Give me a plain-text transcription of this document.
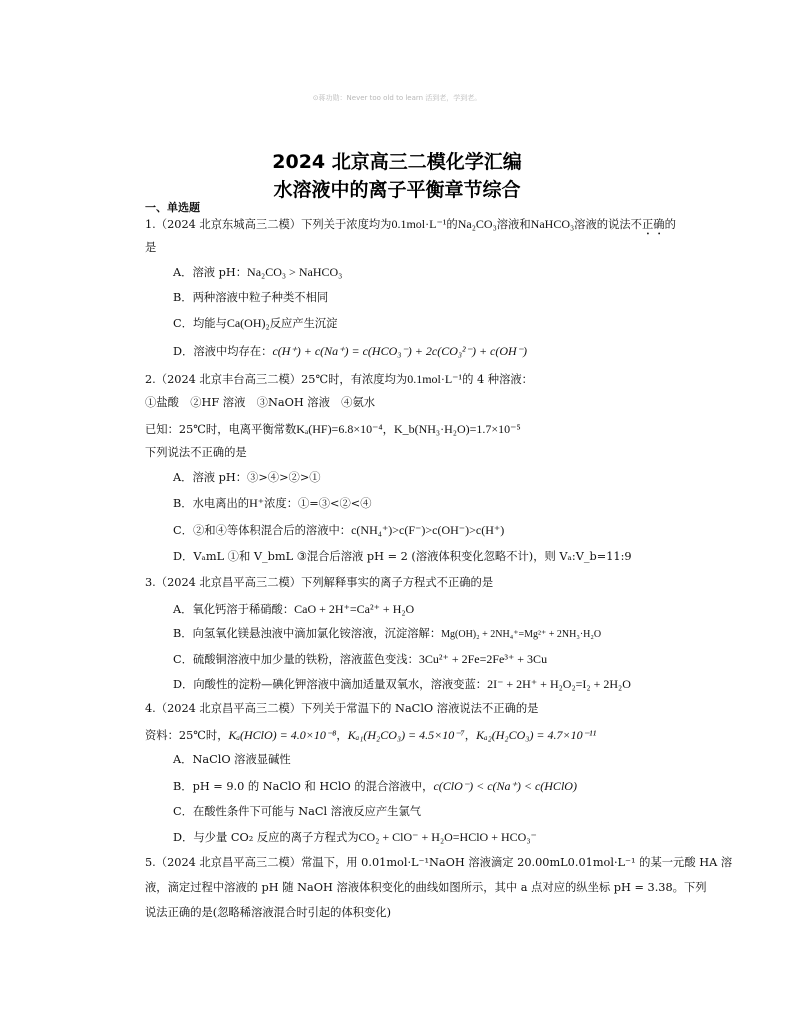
⊙蒋功勋：Never too old to learn 活到老，学到老。
2024 北京高三二模化学汇编
水溶液中的离子平衡章节综合
一、单选题
1.（2024 北京东城高三二模）下列关于浓度均为0.1mol·L⁻¹的Na₂CO₃溶液和NaHCO₃溶液的说法不正确的
是
A．溶液 pH：Na₂CO₃ > NaHCO₃
B．两种溶液中粒子种类不相同
C．均能与Ca(OH)₂反应产生沉淀
D．溶液中均存在：c(H⁺) + c(Na⁺) = c(HCO₃⁻) + 2c(CO₃²⁻) + c(OH⁻)
2.（2024 北京丰台高三二模）25℃时，有浓度均为0.1mol·L⁻¹的 4 种溶液：
①盐酸　②HF 溶液　③NaOH 溶液　④氨水
已知：25℃时，电离平衡常数Kₐ(HF)=6.8×10⁻⁴，K_b(NH₃·H₂O)=1.7×10⁻⁵
下列说法不正确的是
A．溶液 pH：③>④>②>①
B．水电离出的H⁺浓度：①=③<②<④
C．②和④等体积混合后的溶液中：c(NH₄⁺)>c(F⁻)>c(OH⁻)>c(H⁺)
D．VₐmL ①和 V_bmL ③混合后溶液 pH = 2 (溶液体积变化忽略不计)，则 Vₐ:V_b=11:9
3.（2024 北京昌平高三二模）下列解释事实的离子方程式不正确的是
A．氧化钙溶于稀硝酸：CaO + 2H⁺=Ca²⁺ + H₂O
B．向氢氧化镁悬浊液中滴加氯化铵溶液，沉淀溶解：Mg(OH)₂ + 2NH₄⁺=Mg²⁺ + 2NH₃·H₂O
C．硫酸铜溶液中加少量的铁粉，溶液蓝色变浅：3Cu²⁺ + 2Fe=2Fe³⁺ + 3Cu
D．向酸性的淀粉—碘化钾溶液中滴加适量双氧水，溶液变蓝：2I⁻ + 2H⁺ + H₂O₂=I₂ + 2H₂O
4.（2024 北京昌平高三二模）下列关于常温下的 NaClO 溶液说法不正确的是
资料：25℃时，Kₐ(HClO) = 4.0×10⁻⁸，Kₐ₁(H₂CO₃) = 4.5×10⁻⁷，Kₐ₂(H₂CO₃) = 4.7×10⁻¹¹
A．NaClO 溶液显碱性
B．pH = 9.0 的 NaClO 和 HClO 的混合溶液中，c(ClO⁻) < c(Na⁺) < c(HClO)
C．在酸性条件下可能与 NaCl 溶液反应产生氯气
D．与少量 CO₂ 反应的离子方程式为CO₂ + ClO⁻ + H₂O=HClO + HCO₃⁻
5.（2024 北京昌平高三二模）常温下，用 0.01mol·L⁻¹NaOH 溶液滴定 20.00mL0.01mol·L⁻¹ 的某一元酸 HA 溶
液，滴定过程中溶液的 pH 随 NaOH 溶液体积变化的曲线如图所示，其中 a 点对应的纵坐标 pH = 3.38。下列
说法正确的是(忽略稀溶液混合时引起的体积变化)
